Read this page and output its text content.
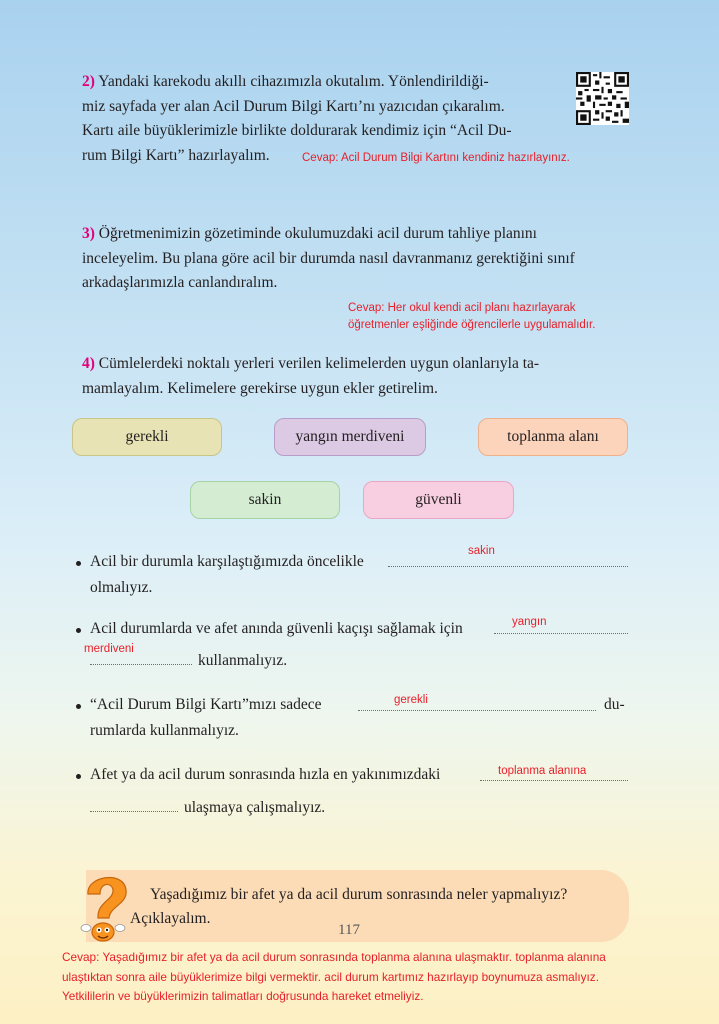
2) Yandaki karekodu akıllı cihazımızla okutalım. Yönlendirildiği-
miz sayfada yer alan Acil Durum Bilgi Kartı’nı yazıcıdan çıkaralım.
Kartı aile büyüklerimizle birlikte doldurarak kendimiz için “Acil Du-
rum Bilgi Kartı” hazırlayalım.	Cevap: Acil Durum Bilgi Kartını kendiniz hazırlayınız.
3) Öğretmenimizin gözetiminde okulumuzdaki acil durum tahliye planını
inceleyelim. Bu plana göre acil bir durumda nasıl davranmanız gerektiğini sınıf
arkadaşlarımızla canlandıralım.
Cevap: Her okul kendi acil planı hazırlayarak
öğretmenler eşliğinde öğrencilerle uygulamalıdır.
4) Cümlelerdeki noktalı yerleri verilen kelimelerden uygun olanlarıyla ta-
mamlayalım. Kelimelere gerekirse uygun ekler getirelim.
gerekli	yangın merdiveni	toplanma alanı
sakin	güvenli
Acil bir durumla karşılaştığımızda öncelikle
olmalıyız.
sakin
Acil durumlarda ve afet anında güvenli kaçışı sağlamak için	yangın
merdiveni
kullanmalıyız.
“Acil Durum Bilgi Kartı”mızı sadece	gerekli	du-
rumlarda kullanmalıyız.
Afet ya da acil durum sonrasında hızla en yakınımızdaki	toplanma alanına
ulaşmaya çalışmalıyız.
Yaşadığımız bir afet ya da acil durum sonrasında neler yapmalıyız?
Açıklayalım.
117
Cevap: Yaşadığımız bir afet ya da acil durum sonrasında toplanma alanına ulaşmaktır. toplanma alanına
ulaştıktan sonra aile büyüklerimize bilgi vermektir. acil durum kartımız hazırlayıp boynumuza asmalıyız.
Yetkililerin ve büyüklerimizin talimatları doğrusunda hareket etmeliyiz.
